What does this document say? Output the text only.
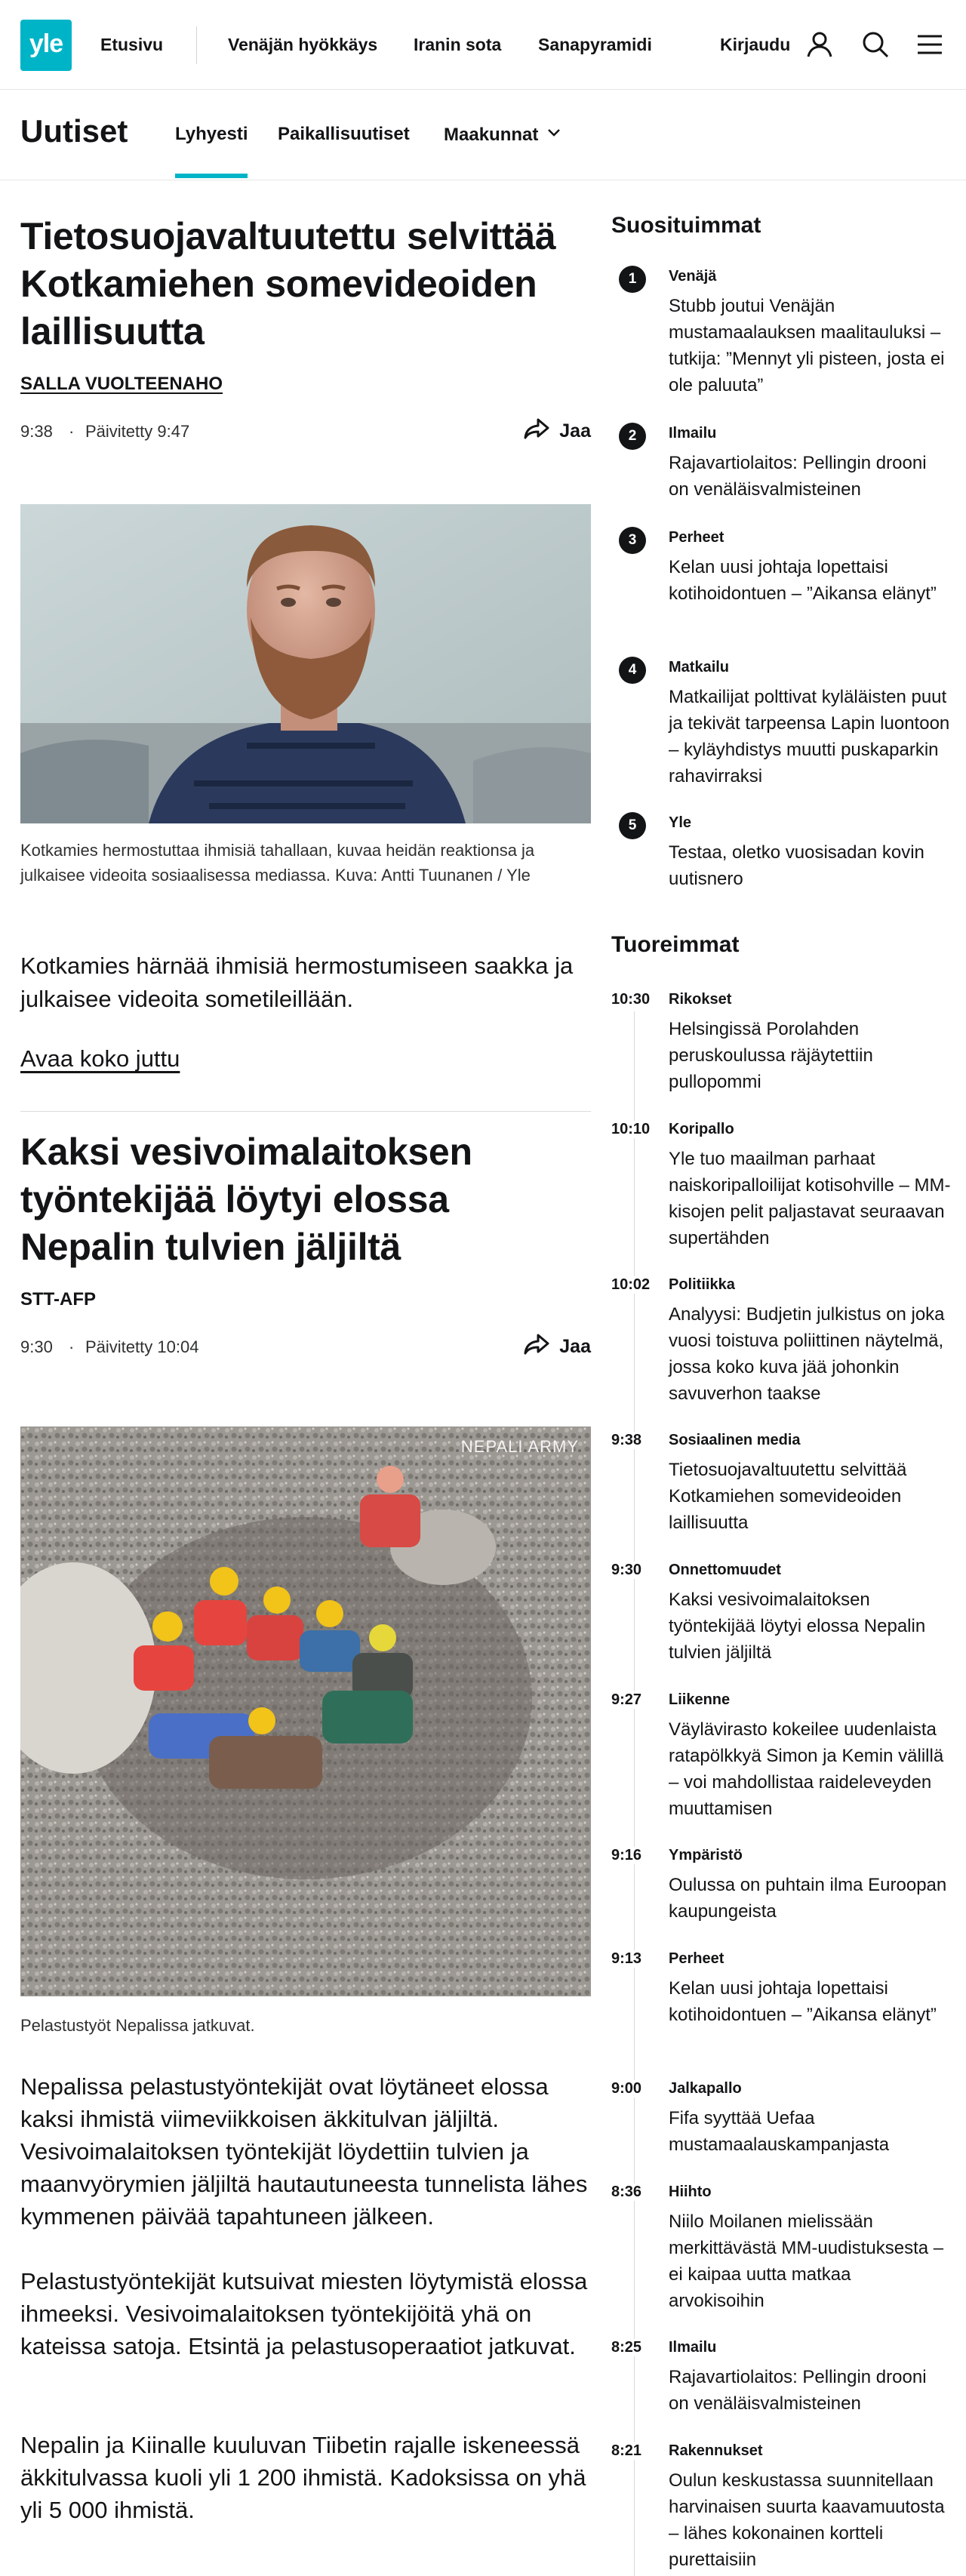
yle Etusivu	Venäjän hyökkäys Iranin sota Sanapyramidi	Kirjaudu
Uutiset	Lyhyesti Paikallisuutiset Maakunnat
Tietosuojavaltuutettu selvittää Kotkamiehen somevideoiden laillisuutta
SALLA VUOLTEENAHO
9:38 · Päivitetty 9:47	Jaa
Kotkamies hermostuttaa ihmisiä tahallaan, kuvaa heidän reaktionsa ja julkaisee videoita sosiaalisessa mediassa. Kuva: Antti Tuunanen / Yle

Kotkamies härnää ihmisiä hermostumiseen saakka ja julkaisee videoita sometileillään.

Avaa koko juttu
Kaksi vesivoimalaitoksen työntekijää löytyi elossa Nepalin tulvien jäljiltä
STT-AFP
9:30 · Päivitetty 10:04	Jaa
NEPALI ARMY
Pelastustyöt Nepalissa jatkuvat.

Nepalissa pelastustyöntekijät ovat löytäneet elossa kaksi ihmistä viimeviikkoisen äkkitulvan jäljiltä. Vesivoimalaitoksen työntekijät löydettiin tulvien ja maanvyörymien jäljiltä hautautuneesta tunnelista lähes kymmenen päivää tapahtuneen jälkeen.

Pelastustyöntekijät kutsuivat miesten löytymistä elossa ihmeeksi. Vesivoimalaitoksen työntekijöitä yhä on kateissa satoja. Etsintä ja pelastusoperaatiot jatkuvat.

Nepalin ja Kiinalle kuuluvan Tiibetin rajalle iskeneessä äkkitulvassa kuoli yli 1 200 ihmistä. Kadoksissa on yhä yli 5 000 ihmistä.

Suosituimmat
1	Venäjä
Stubb joutui Venäjän mustamaalauksen maalitauluksi – tutkija: ”Mennyt yli pisteen, josta ei ole paluuta”
2	Ilmailu
Rajavartiolaitos: Pellingin drooni on venäläisvalmisteinen
3	Perheet
Kelan uusi johtaja lopettaisi kotihoidontuen – ”Aikansa elänyt”
4	Matkailu
Matkailijat polttivat kyläläisten puut ja tekivät tarpeensa Lapin luontoon – kyläyhdistys muutti puskaparkin rahavirraksi
5	Yle
Testaa, oletko vuosisadan kovin uutisnero
Tuoreimmat
10:30	Rikokset
Helsingissä Porolahden peruskoulussa räjäytettiin pullopommi
10:10	Koripallo
Yle tuo maailman parhaat naiskoripalloilijat kotisohville – MM-kisojen pelit paljastavat seuraavan supertähden
10:02	Politiikka
Analyysi: Budjetin julkistus on joka vuosi toistuva poliittinen näytelmä, jossa koko kuva jää johonkin savuverhon taakse
9:38	Sosiaalinen media
Tietosuojavaltuutettu selvittää Kotkamiehen somevideoiden laillisuutta
9:30	Onnettomuudet
Kaksi vesivoimalaitoksen työntekijää löytyi elossa Nepalin tulvien jäljiltä
9:27	Liikenne
Väylävirasto kokeilee uudenlaista ratapölkkyä Simon ja Kemin välillä – voi mahdollistaa raideleveyden muuttamisen
9:16	Ympäristö
Oulussa on puhtain ilma Euroopan kaupungeista
9:13	Perheet
Kelan uusi johtaja lopettaisi kotihoidontuen – ”Aikansa elänyt”
9:00	Jalkapallo
Fifa syyttää Uefaa mustamaalauskampanjasta
8:36	Hiihto
Niilo Moilanen mielissään merkittävästä MM-uudistuksesta – ei kaipaa uutta matkaa arvokisoihin
8:25	Ilmailu
Rajavartiolaitos: Pellingin drooni on venäläisvalmisteinen
8:21	Rakennukset
Oulun keskustassa suunnitellaan harvinaisen suurta kaavamuutosta – lähes kokonainen kortteli purettaisiin
